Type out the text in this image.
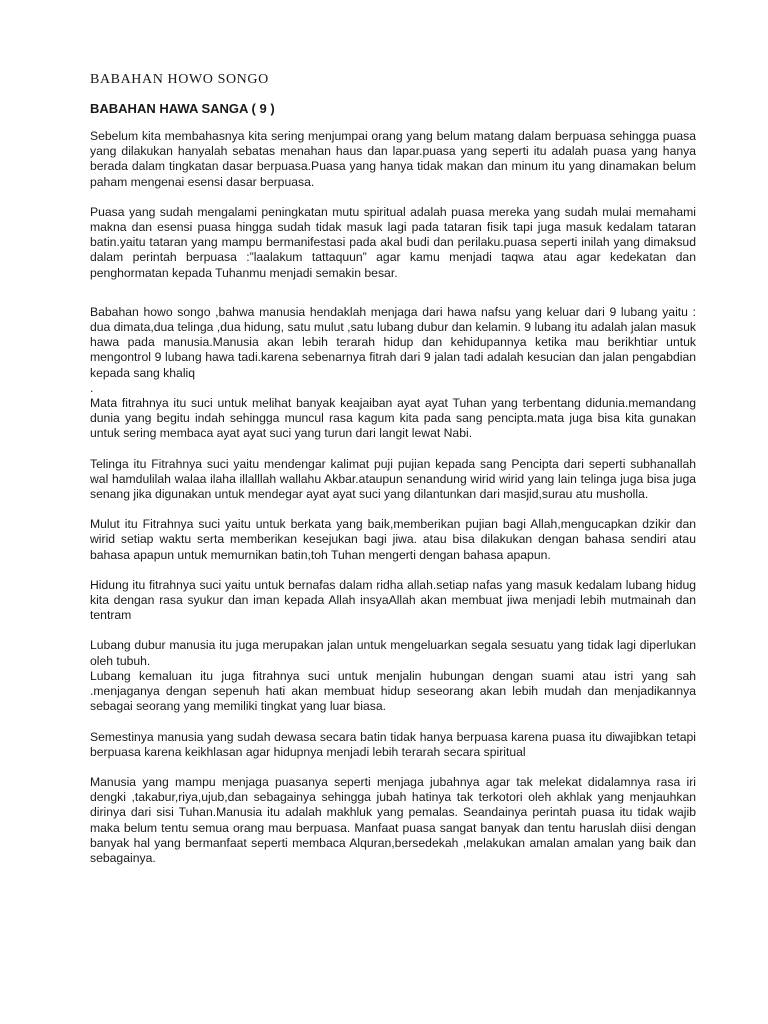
BABAHAN HOWO SONGO
BABAHAN HAWA SANGA ( 9 )

Sebelum kita membahasnya kita sering menjumpai orang yang belum matang dalam berpuasa sehingga puasa yang dilakukan hanyalah sebatas menahan haus dan lapar.puasa yang seperti itu adalah puasa yang hanya berada dalam tingkatan dasar berpuasa.Puasa yang hanya tidak makan dan minum itu yang dinamakan belum paham mengenai esensi dasar berpuasa.

Puasa yang sudah mengalami peningkatan mutu spiritual adalah puasa mereka yang sudah mulai memahami makna dan esensi puasa hingga sudah tidak masuk lagi pada tataran fisik tapi juga masuk kedalam tataran batin.yaitu tataran yang mampu bermanifestasi pada akal budi dan perilaku.puasa seperti inilah yang dimaksud dalam perintah berpuasa :”laalakum tattaquun” agar kamu menjadi taqwa atau agar kedekatan dan penghormatan kepada Tuhanmu menjadi semakin besar.

Babahan howo songo ,bahwa manusia hendaklah menjaga dari hawa nafsu yang keluar dari 9 lubang yaitu : dua dimata,dua telinga ,dua hidung, satu mulut ,satu lubang dubur dan kelamin. 9 lubang itu adalah jalan masuk hawa pada manusia.Manusia akan lebih terarah hidup dan kehidupannya ketika mau berikhtiar untuk mengontrol 9 lubang hawa tadi.karena sebenarnya fitrah dari 9 jalan tadi adalah kesucian dan jalan pengabdian kepada sang khaliq

.

Mata fitrahnya itu suci untuk melihat banyak keajaiban ayat ayat Tuhan yang terbentang didunia.memandang dunia yang begitu indah sehingga muncul rasa kagum kita pada sang pencipta.mata juga bisa kita gunakan untuk sering membaca ayat ayat suci yang turun dari langit lewat Nabi.

Telinga itu Fitrahnya suci yaitu mendengar kalimat puji pujian kepada sang Pencipta dari seperti subhanallah wal hamdulilah walaa ilaha illalllah wallahu Akbar.ataupun senandung wirid wirid yang lain telinga juga bisa juga senang jika digunakan untuk mendegar ayat ayat suci yang dilantunkan dari masjid,surau atu musholla.

Mulut itu Fitrahnya suci yaitu untuk berkata yang baik,memberikan pujian bagi Allah,mengucapkan dzikir dan wirid setiap waktu serta memberikan kesejukan bagi jiwa. atau bisa dilakukan dengan bahasa sendiri atau bahasa apapun untuk memurnikan batin,toh Tuhan mengerti dengan bahasa apapun.

Hidung itu fitrahnya suci yaitu untuk bernafas dalam ridha allah.setiap nafas yang masuk kedalam lubang hidug kita dengan rasa syukur dan iman kepada Allah insyaAllah akan membuat jiwa menjadi lebih mutmainah dan tentram

Lubang dubur manusia itu juga merupakan jalan untuk mengeluarkan segala sesuatu yang tidak lagi diperlukan oleh tubuh.

Lubang kemaluan itu juga fitrahnya suci untuk menjalin hubungan dengan suami atau istri yang sah .menjaganya dengan sepenuh hati akan membuat hidup seseorang akan lebih mudah dan menjadikannya sebagai seorang yang memiliki tingkat yang luar biasa.

Semestinya manusia yang sudah dewasa secara batin tidak hanya berpuasa karena puasa itu diwajibkan tetapi berpuasa karena keikhlasan agar hidupnya menjadi lebih terarah secara spiritual

Manusia yang mampu menjaga puasanya seperti menjaga jubahnya agar tak melekat didalamnya rasa iri dengki ,takabur,riya,ujub,dan sebagainya sehingga jubah hatinya tak terkotori oleh akhlak yang menjauhkan dirinya dari sisi Tuhan.Manusia itu adalah makhluk yang pemalas. Seandainya perintah puasa itu tidak wajib maka belum tentu semua orang mau berpuasa. Manfaat puasa sangat banyak dan tentu haruslah diisi dengan banyak hal yang bermanfaat seperti membaca Alquran,bersedekah ,melakukan amalan amalan yang baik dan sebagainya.
